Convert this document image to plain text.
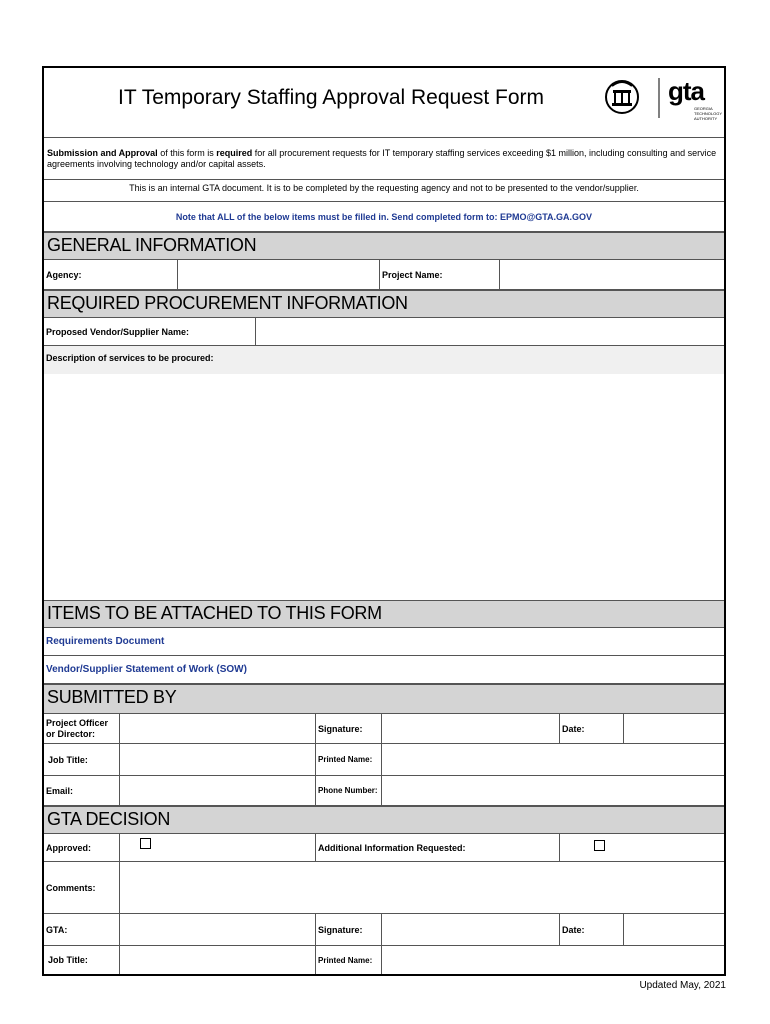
IT Temporary Staffing Approval Request Form	gta
GEORGIA
TECHNOLOGY
AUTHORITY
Submission and Approval of this form is required for all procurement requests for IT temporary staffing services exceeding $1 million, including consulting and service agreements involving technology and/or capital assets.
This is an internal GTA document. It is to be completed by the requesting agency and not to be presented to the vendor/supplier.
Note that ALL of the below items must be filled in. Send completed form to: EPMO@GTA.GA.GOV
GENERAL INFORMATION
Agency:	Project Name:
REQUIRED PROCUREMENT INFORMATION
Proposed Vendor/Supplier Name:
Description of services to be procured:
ITEMS TO BE ATTACHED TO THIS FORM
Requirements Document
Vendor/Supplier Statement of Work (SOW)
SUBMITTED BY
Project Officer or Director:	Signature:	Date:
Job Title:	Printed Name:
Email:	Phone Number:
GTA DECISION
Approved:	Additional Information Requested:
Comments:
GTA:	Signature:	Date:
Job Title:	Printed Name:
Updated May, 2021
